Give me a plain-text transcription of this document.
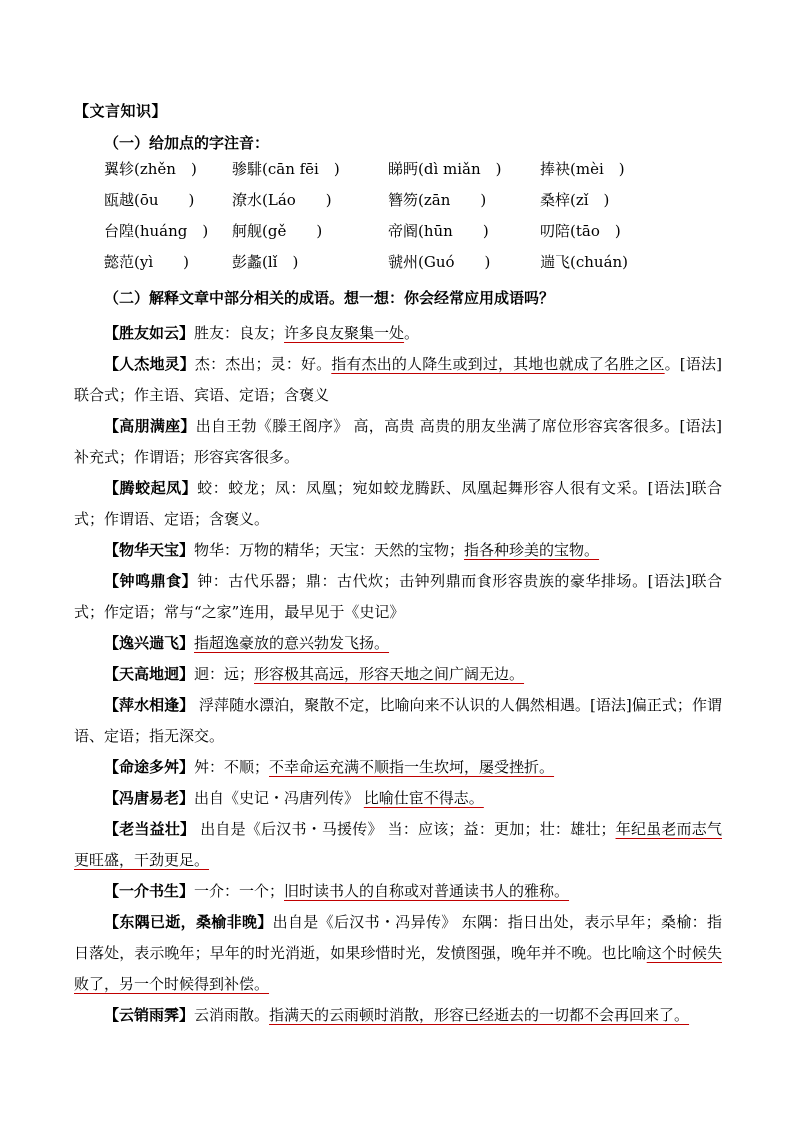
【文言知识】
（一）给加点的字注音：
翼轸(zhěn　) 骖騑(cān fēi　)	睇眄(dì miǎn　)	捧袂(mèi　)
瓯越(ōu　　)	潦水(Láo　　)	簪笏(zān　　)	桑梓(zǐ　)
台隍(huáng　) 舸舰(gě　　)	帝阍(hūn　　)	叨陪(tāo　)
懿范(yì　　)	彭蠡(lǐ　)	虢州(Guó　　)	遄飞(chuán)
（二）解释文章中部分相关的成语。想一想：你会经常应用成语吗？

【胜友如云】胜友：良友；许多良友聚集一处。

【人杰地灵】杰：杰出；灵：好。指有杰出的人降生或到过，其地也就成了名胜之区。[语法]联合式；作主语、宾语、定语；含褒义

【高朋满座】出自王勃《滕王阁序》 高，高贵 高贵的朋友坐满了席位形容宾客很多。[语法]补充式；作谓语；形容宾客很多。

【腾蛟起凤】蛟：蛟龙；凤：凤凰；宛如蛟龙腾跃、凤凰起舞形容人很有文采。[语法]联合式；作谓语、定语；含褒义。

【物华天宝】物华：万物的精华；天宝：天然的宝物；指各种珍美的宝物。

【钟鸣鼎食】钟：古代乐器；鼎：古代炊；击钟列鼎而食形容贵族的豪华排场。[语法]联合式；作定语；常与“之家”连用，最早见于《史记》

【逸兴遄飞】指超逸豪放的意兴勃发飞扬。

【天高地迥】迥：远；形容极其高远，形容天地之间广阔无边。

【萍水相逢】 浮萍随水漂泊，聚散不定，比喻向来不认识的人偶然相遇。[语法]偏正式；作谓语、定语；指无深交。

【命途多舛】舛：不顺；不幸命运充满不顺指一生坎坷，屡受挫折。

【冯唐易老】出自《史记・冯唐列传》 比喻仕宦不得志。

【老当益壮】 出自是《后汉书・马援传》 当：应该；益：更加；壮：雄壮；年纪虽老而志气更旺盛，干劲更足。

【一介书生】一介：一个；旧时读书人的自称或对普通读书人的雅称。

【东隅已逝，桑榆非晚】出自是《后汉书・冯异传》 东隅：指日出处，表示早年；桑榆：指日落处，表示晚年；早年的时光消逝，如果珍惜时光，发愤图强，晚年并不晚。也比喻这个时候失败了，另一个时候得到补偿。

【云销雨霁】云消雨散。指满天的云雨顿时消散，形容已经逝去的一切都不会再回来了。
